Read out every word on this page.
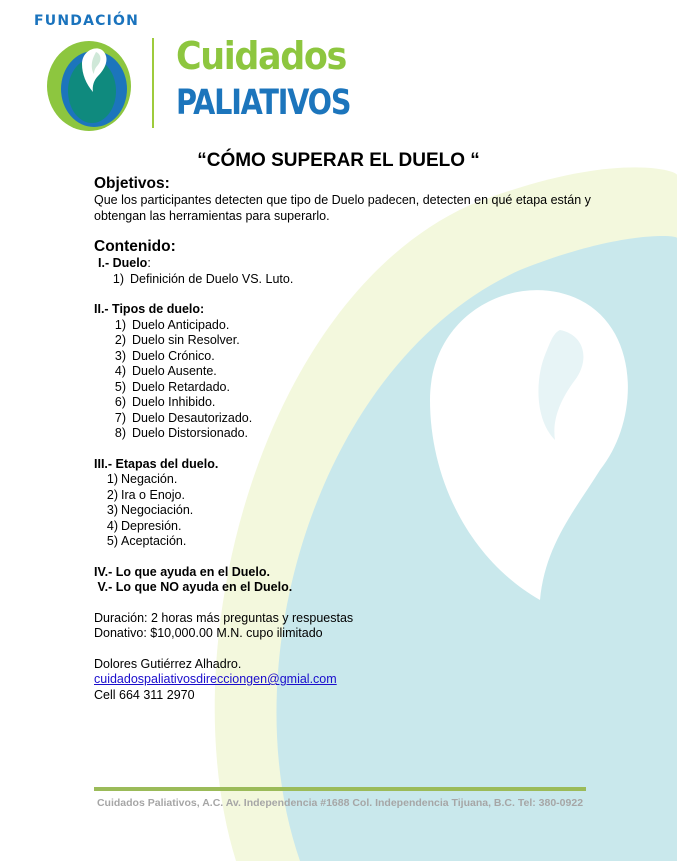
FUNDACIÓN
Cuidados
PALIATIVOS
“CÓMO SUPERAR EL DUELO “
Objetivos:

Que los participantes detecten que tipo de Duelo padecen, detecten en qué etapa están y obtengan las herramientas para superarlo.

Contenido:

I.- Duelo:

1) Definición de Duelo VS. Luto.

II.- Tipos de duelo:

1) Duelo Anticipado.
2) Duelo sin Resolver.
3) Duelo Crónico.
4) Duelo Ausente.
5) Duelo Retardado.
6) Duelo Inhibido.
7) Duelo Desautorizado.
8) Duelo Distorsionado.

III.- Etapas del duelo.

1) Negación.
2) Ira o Enojo.
3) Negociación.
4) Depresión.
5) Aceptación.

IV.- Lo que ayuda en el Duelo.

V.- Lo que NO ayuda en el Duelo.

Duración: 2 horas más preguntas y respuestas

Donativo: $10,000.00 M.N. cupo ilimitado

Dolores Gutiérrez Alhadro.

cuidadospaliativosdirecciongen@gmial.com

Cell 664 311 2970

Cuidados Paliativos, A.C. Av. Independencia #1688 Col. Independencia Tijuana, B.C. Tel: 380-0922
